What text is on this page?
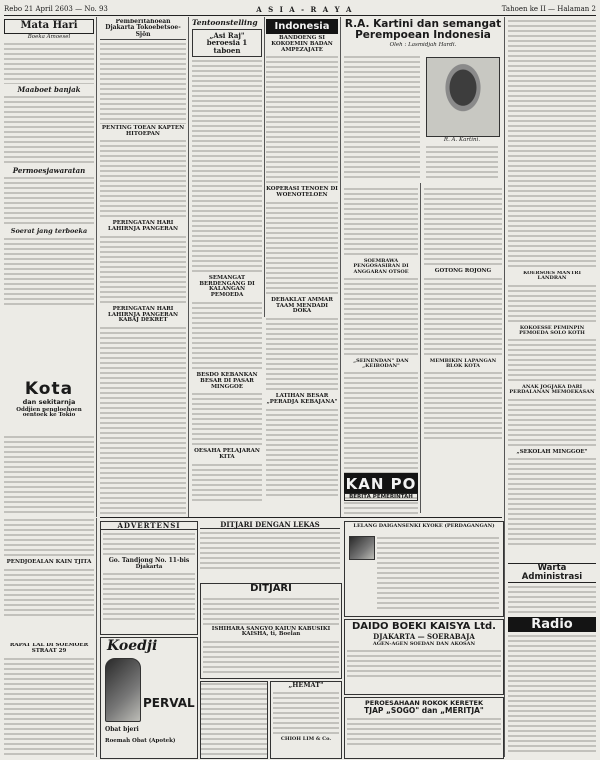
Rebo 21 April 2603 — No. 93	A S I A - R A Y A	Tahoen ke II — Halaman 2
Mata Hari
Boeka Amoesel
Maaboet banjak
Permoesjawaratan
Soerat jang terboeka
Kota
dan sekitarnja
Oddjien pengloehoen
oentoek ke Tokio
PENDJOEALAN KAIN TJITA
RAPAT LAL DI SOEMOER STRAAT 29
Pemberitahoean Djakarta Tokoebetsoe-Sjōn
PENTING TOEAN KAPTEN HITOEPAN
PERINGATAN HARI LAHIRNJA PANGERAN
PERINGATAN HARI LAHIRNJA PANGERAN KABAJ DEKRET
Tentoonstelling
„Asi Raj" beroesia 1 taboen
SEMANGAT BERDENGANG DI KALANGAN PEMOEDA
BESDO KEBANKAN BESAR DI PASAR MINGGOE
OESAHA PELAJARAN KITA
Indonesia
BANDOENG SI KOKOEMIN BADAN AMPEZAJATE
KOPERASI TENOEN DI WOENOTELOEN
DEBAKLAT AMMAR TAAM MENDADI DOKA
LATIHAN BESAR „PERADJA KEBAJANA"
R.A. Kartini dan semangat Perempoean Indonesia
Oleh : Lasmidjah Hardi.
R. A. Kartini.
SOEMBAWA PENGOSASIRAN DI ANGGARAN OTSOE
„SEINENDAN" DAN „KEIBODAN"
GOTONG ROJONG
MEMBIKIN LAPANGAN BLOK KOTA
KAN PO
BERITA PEMERINTAH
KOERSOES MANTRI LANDRAN
KOKOESSE PEMINPIN PEMOEDA SOLO KOTH
ANAK JOGJAKA DARI PERDALANAN MEMOEKASAN
„SEKOLAH MINGGOE"
Warta Administrasi
Radio
ADVERTENSI
Go. Tandjong No. 11-bis
Djakarta
Koedji
PERVAL
Obat bjeri
Roemah Obat (Apotek)
DITJARI DENGAN LEKAS
DITJARI
ISHIHARA SANGYO KAIUN KABUSIKI KAISHA, ti, Boelan
„HEMAT"
CHIOH LIM & Co.
LELANG DAIGANSENKI KYOKE (PERDAGANGAN)
DAIDO BOEKI KAISYA Ltd.
DJAKARTA — SOERABAJA
AGEN-AGEN SOEDAN DAN AKOSAN
PEROESAHAAN ROKOK KERETEK
TJAP „SOGO" dan „MERITJA"
